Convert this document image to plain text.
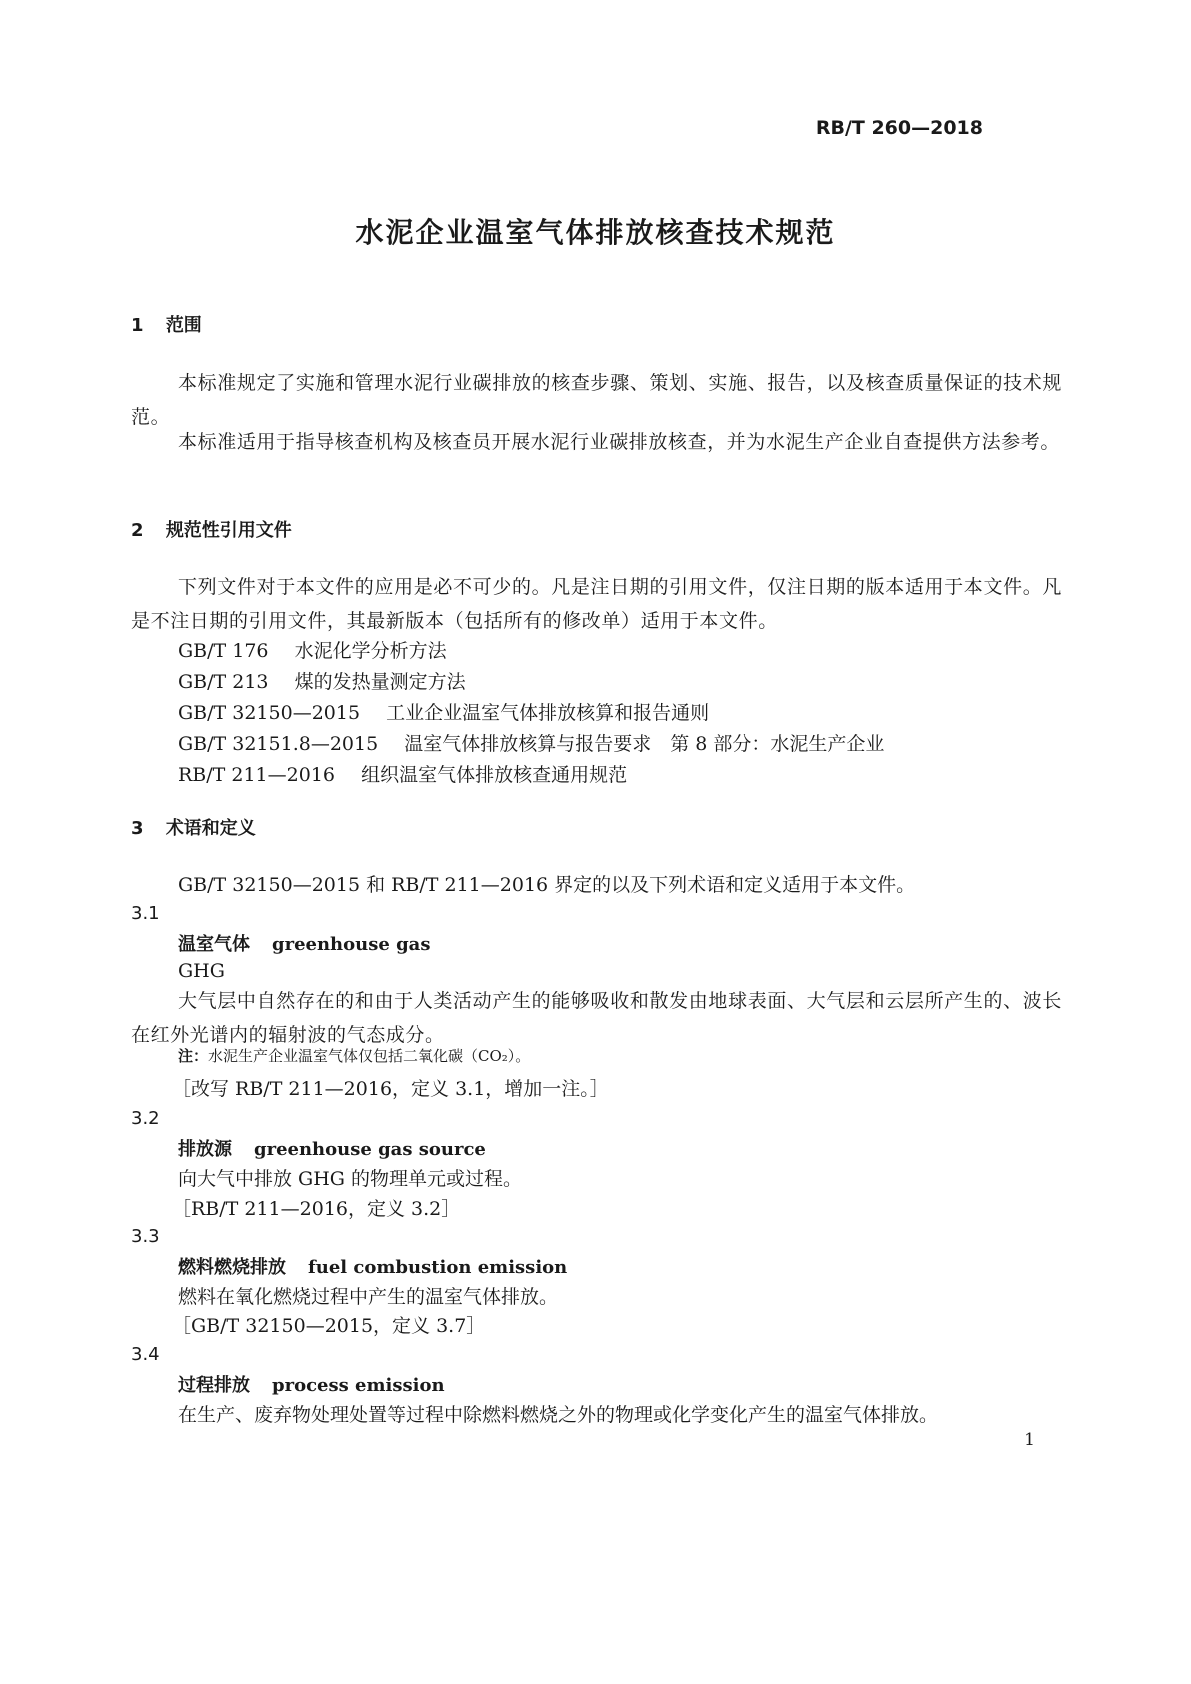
RB/T 260—2018
水泥企业温室气体排放核查技术规范
1 范围
本标准规定了实施和管理水泥行业碳排放的核查步骤、策划、实施、报告，以及核查质量保证的技术规范。
本标准适用于指导核查机构及核查员开展水泥行业碳排放核查，并为水泥生产企业自查提供方法参考。
2 规范性引用文件
下列文件对于本文件的应用是必不可少的。凡是注日期的引用文件，仅注日期的版本适用于本文件。凡是不注日期的引用文件，其最新版本（包括所有的修改单）适用于本文件。
GB/T 176 水泥化学分析方法
GB/T 213 煤的发热量测定方法
GB/T 32150—2015 工业企业温室气体排放核算和报告通则
GB/T 32151.8—2015 温室气体排放核算与报告要求　第 8 部分：水泥生产企业
RB/T 211—2016 组织温室气体排放核查通用规范
3 术语和定义
GB/T 32150—2015 和 RB/T 211—2016 界定的以及下列术语和定义适用于本文件。
3.1
温室气体 greenhouse gas
GHG
大气层中自然存在的和由于人类活动产生的能够吸收和散发由地球表面、大气层和云层所产生的、波长在红外光谱内的辐射波的气态成分。
注：水泥生产企业温室气体仅包括二氧化碳（CO₂）。
［改写 RB/T 211—2016，定义 3.1，增加一注。］
3.2
排放源 greenhouse gas source
向大气中排放 GHG 的物理单元或过程。
［RB/T 211—2016，定义 3.2］
3.3
燃料燃烧排放 fuel combustion emission
燃料在氧化燃烧过程中产生的温室气体排放。
［GB/T 32150—2015，定义 3.7］
3.4
过程排放 process emission
在生产、废弃物处理处置等过程中除燃料燃烧之外的物理或化学变化产生的温室气体排放。
1
